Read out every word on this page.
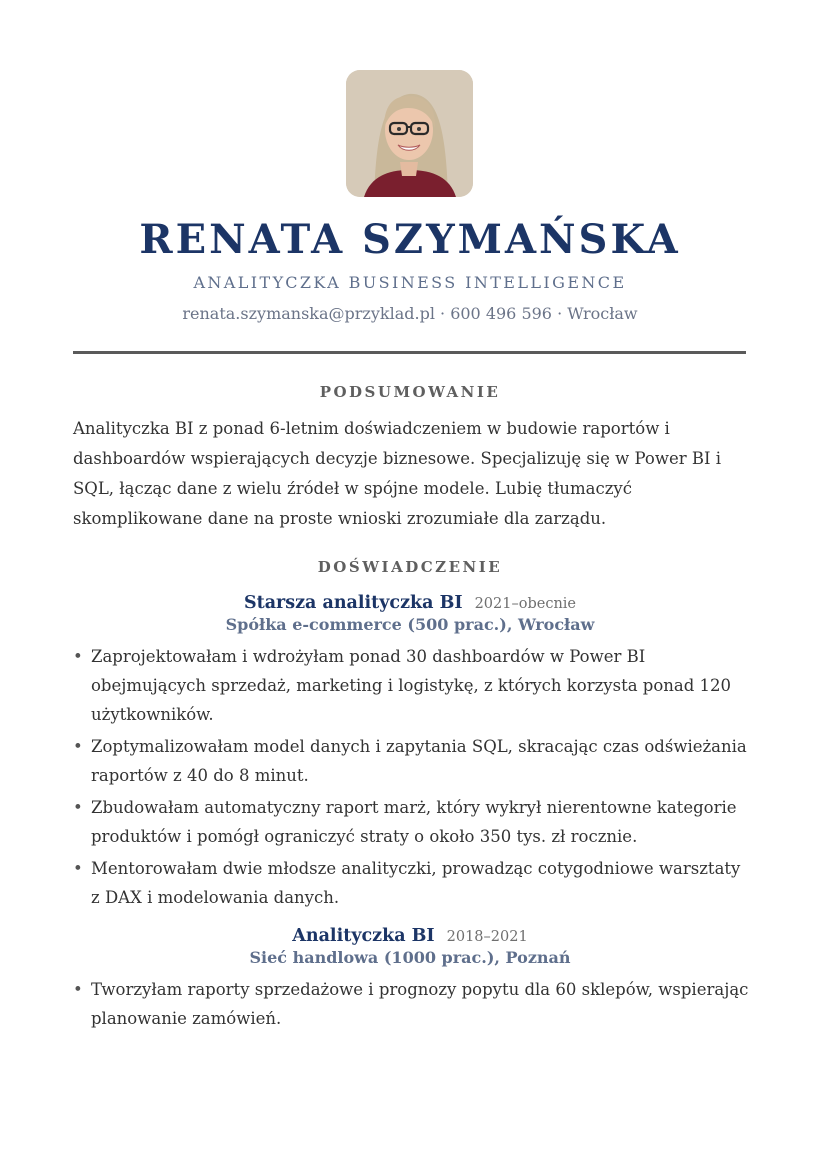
RENATA SZYMAŃSKA
ANALITYCZKA BUSINESS INTELLIGENCE
renata.szymanska@przyklad.pl · 600 496 596 · Wrocław
PODSUMOWANIE
Analityczka BI z ponad 6-letnim doświadczeniem w budowie raportów i dashboardów wspierających decyzje biznesowe. Specjalizuję się w Power BI i SQL, łącząc dane z wielu źródeł w spójne modele. Lubię tłumaczyć skomplikowane dane na proste wnioski zrozumiałe dla zarządu.
DOŚWIADCZENIE
Starsza analityczka BI 2021–obecnie
Spółka e-commerce (500 prac.), Wrocław
• Zaprojektowałam i wdrożyłam ponad 30 dashboardów w Power BI obejmujących sprzedaż, marketing i logistykę, z których korzysta ponad 120 użytkowników.
• Zoptymalizowałam model danych i zapytania SQL, skracając czas odświeżania raportów z 40 do 8 minut.
• Zbudowałam automatyczny raport marż, który wykrył nierentowne kategorie produktów i pomógł ograniczyć straty o około 350 tys. zł rocznie.
• Mentorowałam dwie młodsze analityczki, prowadząc cotygodniowe warsztaty z DAX i modelowania danych.
Analityczka BI 2018–2021
Sieć handlowa (1000 prac.), Poznań
• Tworzyłam raporty sprzedażowe i prognozy popytu dla 60 sklepów, wspierając planowanie zamówień.
